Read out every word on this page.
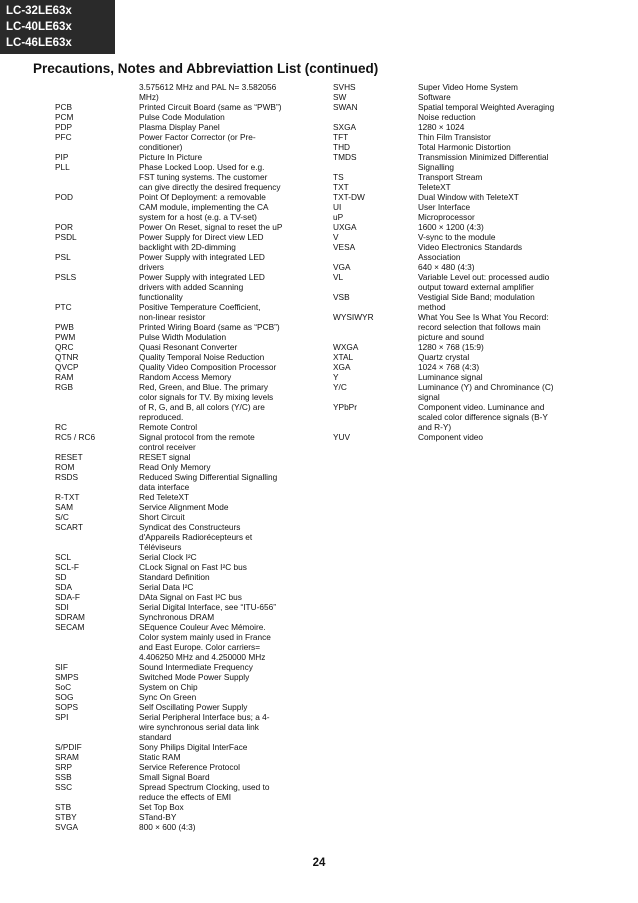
LC-32LE63x
LC-40LE63x
LC-46LE63x
Precautions, Notes and Abbreviattion List (continued)
3.575612 MHz and PAL N= 3.582056
MHz)
PCB	Printed Circuit Board (same as “PWB”)
PCM	Pulse Code Modulation
PDP	Plasma Display Panel
PFC	Power Factor Corrector (or Pre-
conditioner)
PIP	Picture In Picture
PLL	Phase Locked Loop. Used for e.g.
FST tuning systems. The customer
can give directly the desired frequency
POD	Point Of Deployment: a removable
CAM module, implementing the CA
system for a host (e.g. a TV-set)
POR	Power On Reset, signal to reset the uP
PSDL	Power Supply for Direct view LED
backlight with 2D-dimming
PSL	Power Supply with integrated LED
drivers
PSLS	Power Supply with integrated LED
drivers with added Scanning
functionality
PTC	Positive Temperature Coefficient,
non-linear resistor
PWB	Printed Wiring Board (same as “PCB”)
PWM	Pulse Width Modulation
QRC	Quasi Resonant Converter
QTNR	Quality Temporal Noise Reduction
QVCP	Quality Video Composition Processor
RAM	Random Access Memory
RGB	Red, Green, and Blue. The primary
color signals for TV. By mixing levels
of R, G, and B, all colors (Y/C) are
reproduced.
RC	Remote Control
RC5 / RC6	Signal protocol from the remote
control receiver
RESET	RESET signal
ROM	Read Only Memory
RSDS	Reduced Swing Differential Signalling
data interface
R-TXT	Red TeleteXT
SAM	Service Alignment Mode
S/C	Short Circuit
SCART	Syndicat des Constructeurs
d'Appareils Radiorécepteurs et
Téléviseurs
SCL	Serial Clock I²C
SCL-F	CLock Signal on Fast I²C bus
SD	Standard Definition
SDA	Serial Data I²C
SDA-F	DAta Signal on Fast I²C bus
SDI	Serial Digital Interface, see “ITU-656”
SDRAM	Synchronous DRAM
SECAM	SEquence Couleur Avec Mémoire.
Color system mainly used in France
and East Europe. Color carriers=
4.406250 MHz and 4.250000 MHz
SIF	Sound Intermediate Frequency
SMPS	Switched Mode Power Supply
SoC	System on Chip
SOG	Sync On Green
SOPS	Self Oscillating Power Supply
SPI	Serial Peripheral Interface bus; a 4-
wire synchronous serial data link
standard
S/PDIF	Sony Philips Digital InterFace
SRAM	Static RAM
SRP	Service Reference Protocol
SSB	Small Signal Board
SSC	Spread Spectrum Clocking, used to
reduce the effects of EMI
STB	Set Top Box
STBY	STand-BY
SVGA	800 × 600 (4:3)
SVHS	Super Video Home System
SW	Software
SWAN	Spatial temporal Weighted Averaging
Noise reduction
SXGA	1280 × 1024
TFT	Thin Film Transistor
THD	Total Harmonic Distortion
TMDS	Transmission Minimized Differential
Signalling
TS	Transport Stream
TXT	TeleteXT
TXT-DW	Dual Window with TeleteXT
UI	User Interface
uP	Microprocessor
UXGA	1600 × 1200 (4:3)
V	V-sync to the module
VESA	Video Electronics Standards
Association
VGA	640 × 480 (4:3)
VL	Variable Level out: processed audio
output toward external amplifier
VSB	Vestigial Side Band; modulation
method
WYSIWYR	What You See Is What You Record:
record selection that follows main
picture and sound
WXGA	1280 × 768 (15:9)
XTAL	Quartz crystal
XGA	1024 × 768 (4:3)
Y	Luminance signal
Y/C	Luminance (Y) and Chrominance (C)
signal
YPbPr	Component video. Luminance and
scaled color difference signals (B-Y
and R-Y)
YUV	Component video
24
